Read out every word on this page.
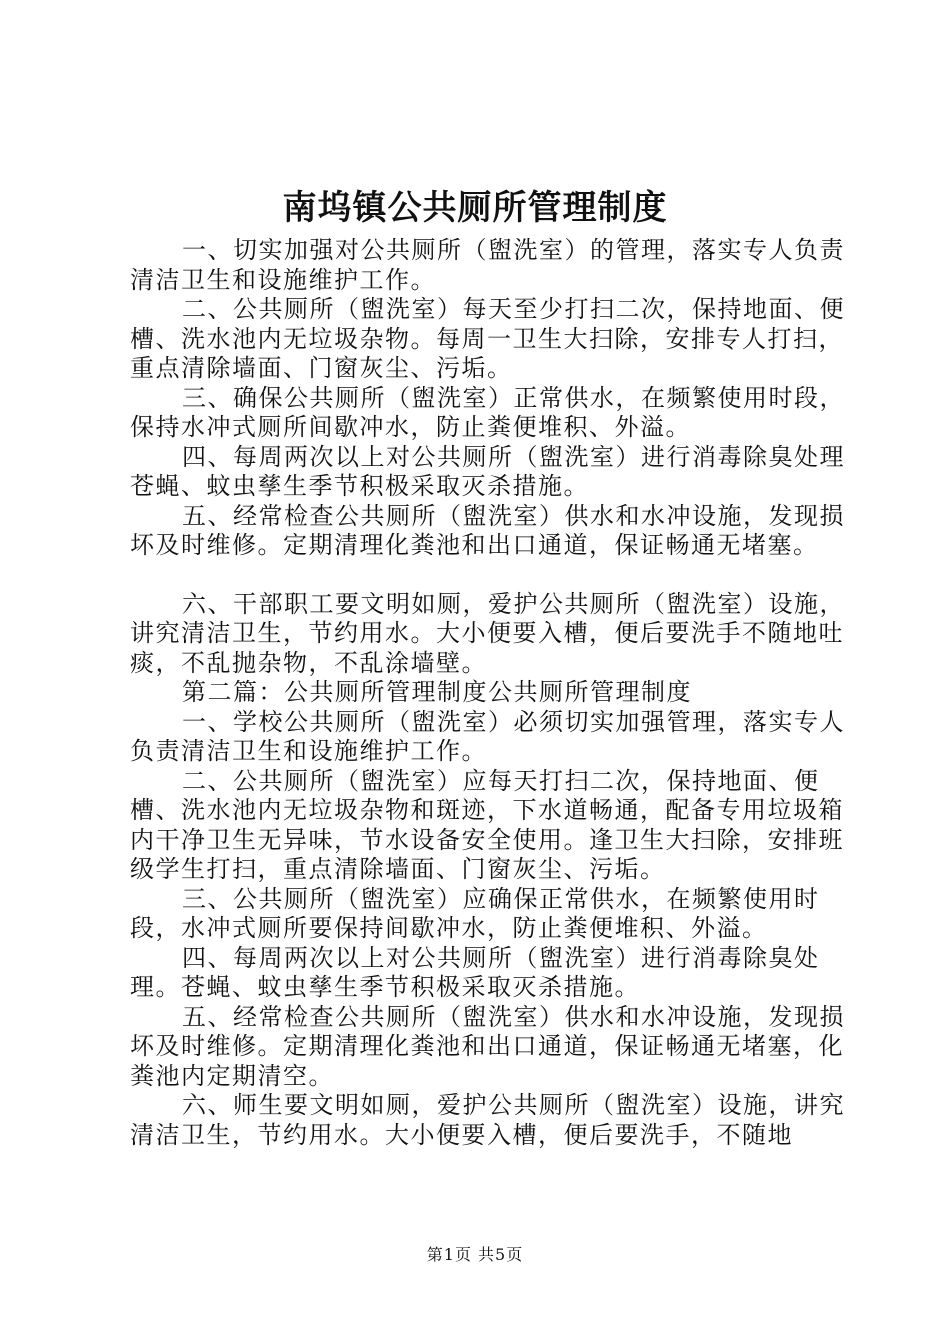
南坞镇公共厕所管理制度

一、切实加强对公共厕所（盥洗室）的管理，落实专人负责清洁卫生和设施维护工作。

二、公共厕所（盥洗室）每天至少打扫二次，保持地面、便槽、洗水池内无垃圾杂物。每周一卫生大扫除，安排专人打扫，重点清除墙面、门窗灰尘、污垢。

三、确保公共厕所（盥洗室）正常供水，在频繁使用时段，保持水冲式厕所间歇冲水，防止粪便堆积、外溢。

四、每周两次以上对公共厕所（盥洗室）进行消毒除臭处理苍蝇、蚊虫孳生季节积极采取灭杀措施。

五、经常检查公共厕所（盥洗室）供水和水冲设施，发现损坏及时维修。定期清理化粪池和出口通道，保证畅通无堵塞。

六、干部职工要文明如厕，爱护公共厕所（盥洗室）设施，讲究清洁卫生，节约用水。大小便要入槽，便后要洗手不随地吐痰，不乱抛杂物，不乱涂墙壁。

第二篇：公共厕所管理制度公共厕所管理制度

一、学校公共厕所（盥洗室）必须切实加强管理，落实专人负责清洁卫生和设施维护工作。

二、公共厕所（盥洗室）应每天打扫二次，保持地面、便槽、洗水池内无垃圾杂物和斑迹，下水道畅通，配备专用垃圾箱内干净卫生无异味，节水设备安全使用。逢卫生大扫除，安排班级学生打扫，重点清除墙面、门窗灰尘、污垢。

三、公共厕所（盥洗室）应确保正常供水，在频繁使用时段，水冲式厕所要保持间歇冲水，防止粪便堆积、外溢。

四、每周两次以上对公共厕所（盥洗室）进行消毒除臭处理。苍蝇、蚊虫孳生季节积极采取灭杀措施。

五、经常检查公共厕所（盥洗室）供水和水冲设施，发现损坏及时维修。定期清理化粪池和出口通道，保证畅通无堵塞，化粪池内定期清空。

六、师生要文明如厕，爱护公共厕所（盥洗室）设施，讲究清洁卫生，节约用水。大小便要入槽，便后要洗手，不随地

第1页 共5页
